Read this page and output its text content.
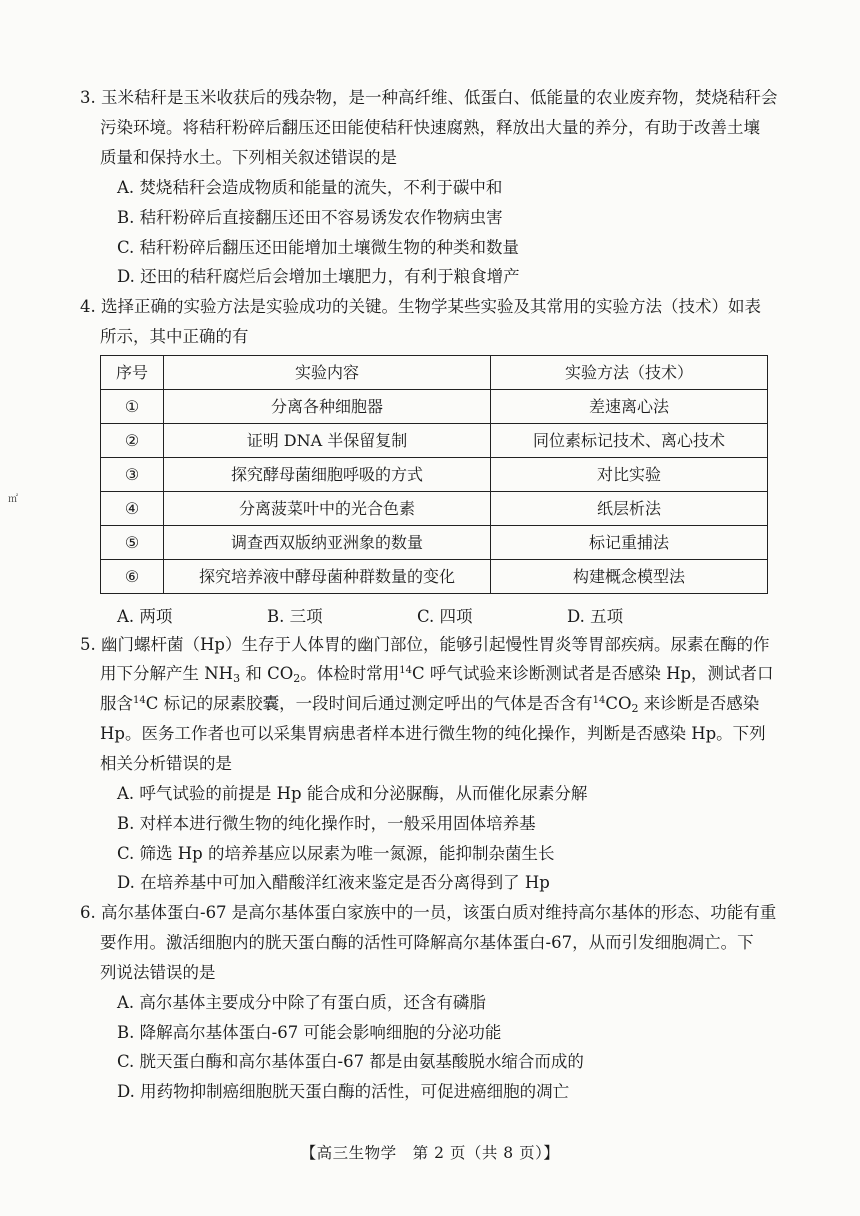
3. 玉米秸秆是玉米收获后的残杂物，是一种高纤维、低蛋白、低能量的农业废弃物，焚烧秸秆会
污染环境。将秸秆粉碎后翻压还田能使秸秆快速腐熟，释放出大量的养分，有助于改善土壤
质量和保持水土。下列相关叙述错误的是
A. 焚烧秸秆会造成物质和能量的流失，不利于碳中和
B. 秸秆粉碎后直接翻压还田不容易诱发农作物病虫害
C. 秸秆粉碎后翻压还田能增加土壤微生物的种类和数量
D. 还田的秸秆腐烂后会增加土壤肥力，有利于粮食增产
4. 选择正确的实验方法是实验成功的关键。生物学某些实验及其常用的实验方法（技术）如表
所示，其中正确的有
序号	实验内容	实验方法（技术）
①	分离各种细胞器	差速离心法
②	证明 DNA 半保留复制	同位素标记技术、离心技术
③	探究酵母菌细胞呼吸的方式	对比实验
④	分离菠菜叶中的光合色素	纸层析法
⑤	调查西双版纳亚洲象的数量	标记重捕法
⑥	探究培养液中酵母菌种群数量的变化	构建概念模型法
A. 两项	B. 三项	C. 四项	D. 五项
5. 幽门螺杆菌（Hp）生存于人体胃的幽门部位，能够引起慢性胃炎等胃部疾病。尿素在酶的作
用下分解产生 $NH_3$ 和 $CO_2$。体检时常用$^{14}$C 呼气试验来诊断测试者是否感染 Hp，测试者口
服含$^{14}$C 标记的尿素胶囊，一段时间后通过测定呼出的气体是否含有$^{14}CO_2$ 来诊断是否感染
Hp。医务工作者也可以采集胃病患者样本进行微生物的纯化操作，判断是否感染 Hp。下列
相关分析错误的是
A. 呼气试验的前提是 Hp 能合成和分泌脲酶，从而催化尿素分解
B. 对样本进行微生物的纯化操作时，一般采用固体培养基
C. 筛选 Hp 的培养基应以尿素为唯一氮源，能抑制杂菌生长
D. 在培养基中可加入醋酸洋红液来鉴定是否分离得到了 Hp
6. 高尔基体蛋白-67 是高尔基体蛋白家族中的一员，该蛋白质对维持高尔基体的形态、功能有重
要作用。激活细胞内的胱天蛋白酶的活性可降解高尔基体蛋白-67，从而引发细胞凋亡。下
列说法错误的是
A. 高尔基体主要成分中除了有蛋白质，还含有磷脂
B. 降解高尔基体蛋白-67 可能会影响细胞的分泌功能
C. 胱天蛋白酶和高尔基体蛋白-67 都是由氨基酸脱水缩合而成的
D. 用药物抑制癌细胞胱天蛋白酶的活性，可促进癌细胞的凋亡
㎡
【高三生物学　第 2 页（共 8 页）】
